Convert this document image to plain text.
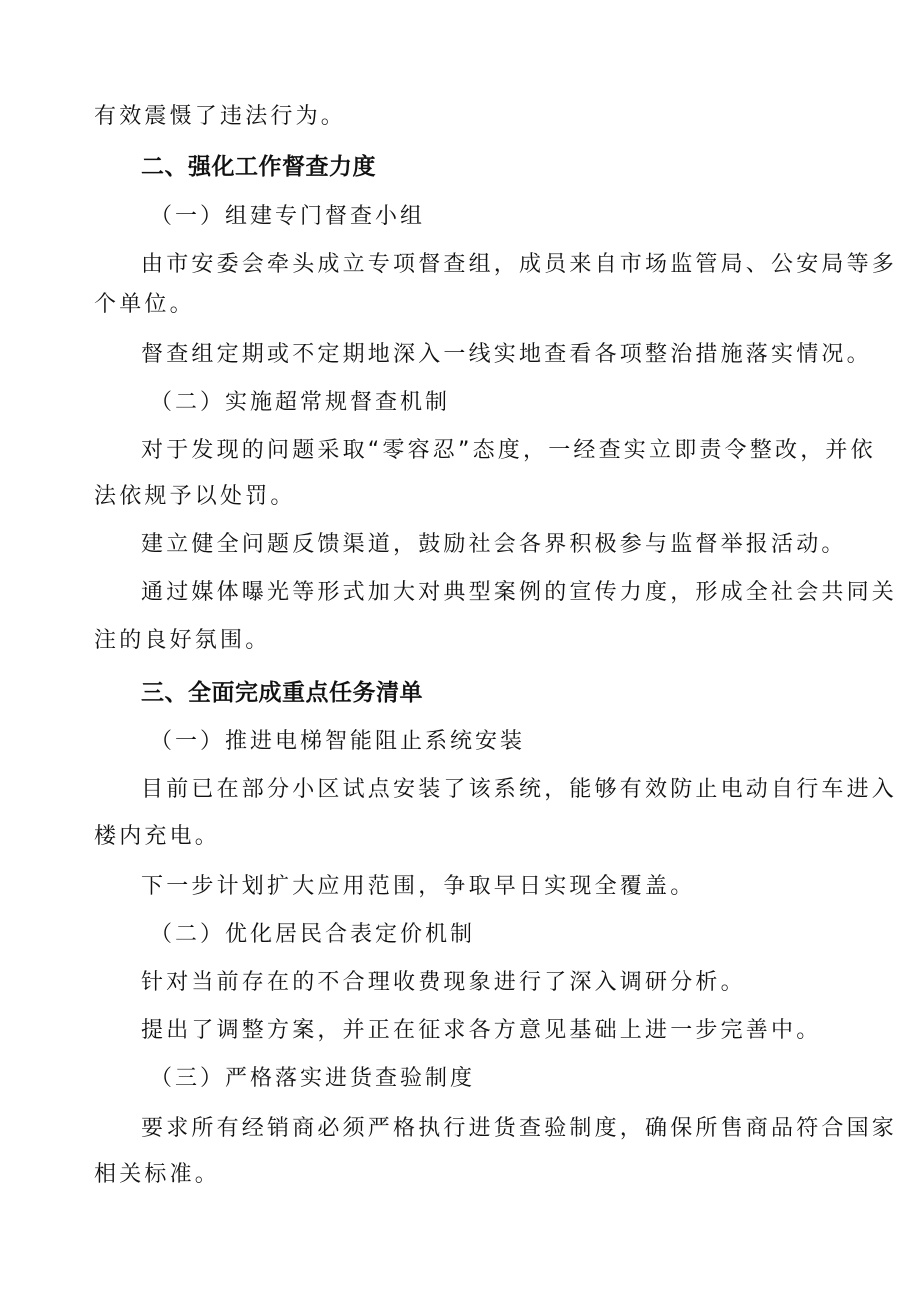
有效震慑了违法行为。
二、强化工作督查力度
（一）组建专门督查小组
由市安委会牵头成立专项督查组，成员来自市场监管局、公安局等多
个单位。
督查组定期或不定期地深入一线实地查看各项整治措施落实情况。
（二）实施超常规督查机制
对于发现的问题采取“零容忍”态度，一经查实立即责令整改，并依
法依规予以处罚。
建立健全问题反馈渠道，鼓励社会各界积极参与监督举报活动。
通过媒体曝光等形式加大对典型案例的宣传力度，形成全社会共同关
注的良好氛围。
三、全面完成重点任务清单
（一）推进电梯智能阻止系统安装
目前已在部分小区试点安装了该系统，能够有效防止电动自行车进入
楼内充电。
下一步计划扩大应用范围，争取早日实现全覆盖。
（二）优化居民合表定价机制
针对当前存在的不合理收费现象进行了深入调研分析。
提出了调整方案，并正在征求各方意见基础上进一步完善中。
（三）严格落实进货查验制度
要求所有经销商必须严格执行进货查验制度，确保所售商品符合国家
相关标准。
